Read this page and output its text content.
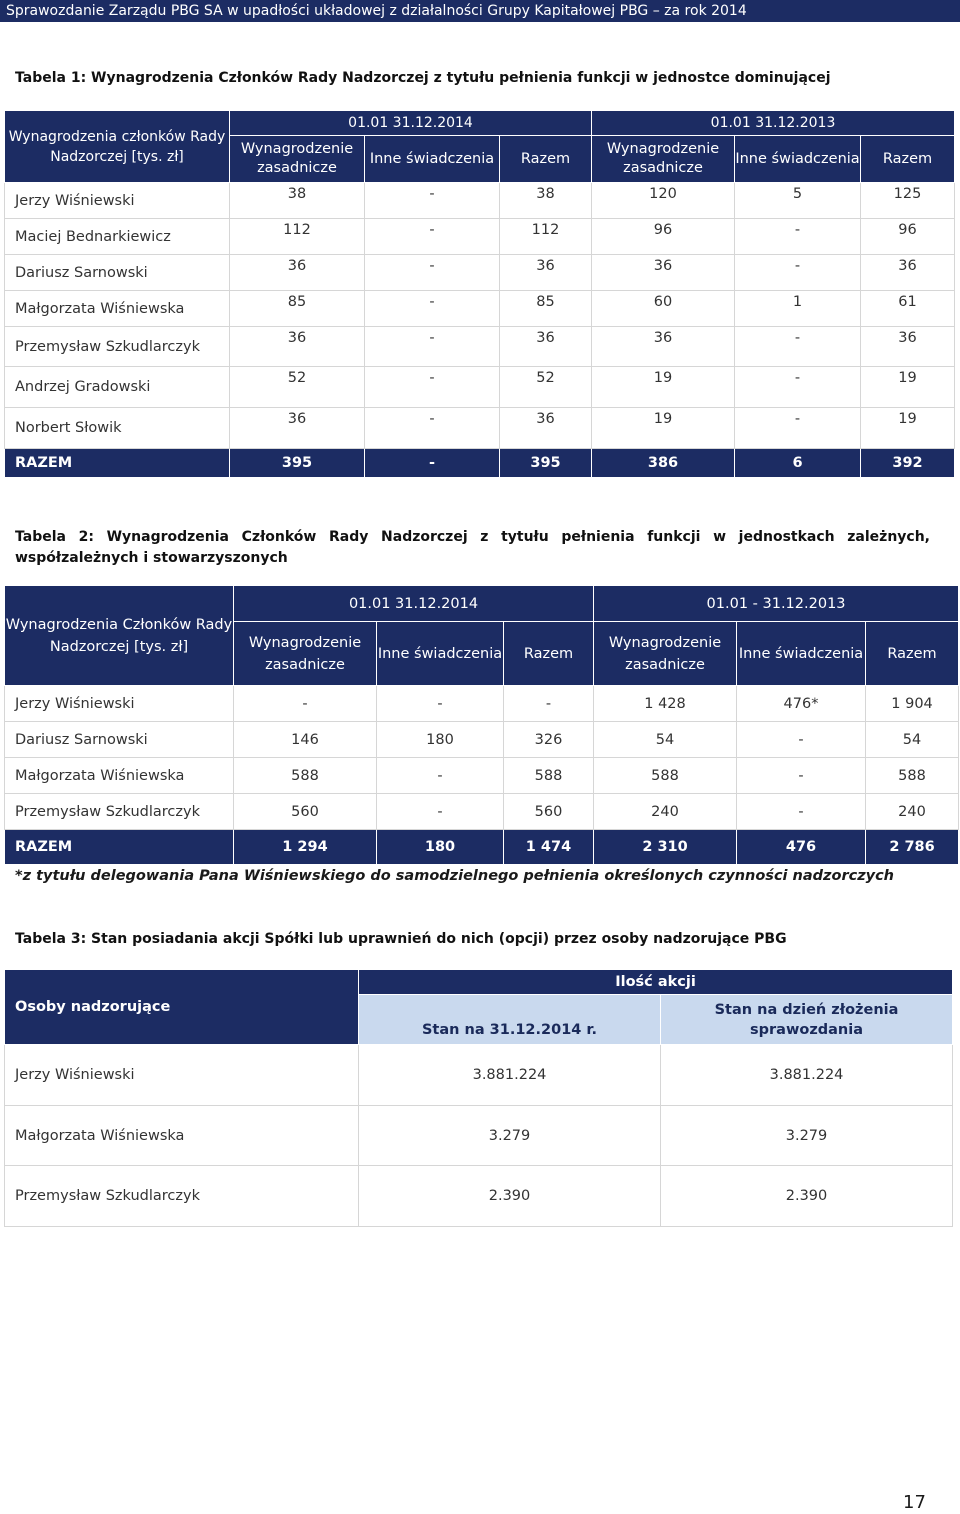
Sprawozdanie Zarządu PBG SA w upadłości układowej z działalności Grupy Kapitałowej PBG – za rok 2014
Tabela 1: Wynagrodzenia Członków Rady Nadzorczej z tytułu pełnienia funkcji w jednostce dominującej
Wynagrodzenia członków Rady Nadzorczej [tys. zł]	01.01 31.12.2014			01.01 31.12.2013		
	Wynagrodzenie zasadnicze	Inne świadczenia	Razem	Wynagrodzenie zasadnicze	Inne świadczenia	Razem
Jerzy Wiśniewski	38	-	38	120	5	125
Maciej Bednarkiewicz	112	-	112	96	-	96
Dariusz Sarnowski	36	-	36	36	-	36
Małgorzata Wiśniewska	85	-	85	60	1	61
Przemysław Szkudlarczyk	36	-	36	36	-	36
Andrzej Gradowski	52	-	52	19	-	19
Norbert Słowik	36	-	36	19	-	19
RAZEM	395	-	395	386	6	392
Tabela 2: Wynagrodzenia Członków Rady Nadzorczej z tytułu pełnienia funkcji w jednostkach zależnych, współzależnych i stowarzyszonych
Wynagrodzenia Członków Rady Nadzorczej [tys. zł]	01.01 31.12.2014			01.01 - 31.12.2013		
	Wynagrodzenie zasadnicze	Inne świadczenia	Razem	Wynagrodzenie zasadnicze	Inne świadczenia	Razem
Jerzy Wiśniewski	-	-	-	1 428	476*	1 904
Dariusz Sarnowski	146	180	326	54	-	54
Małgorzata Wiśniewska	588	-	588	588	-	588
Przemysław Szkudlarczyk	560	-	560	240	-	240
RAZEM	1 294	180	1 474	2 310	476	2 786
*z tytułu delegowania Pana Wiśniewskiego do samodzielnego pełnienia określonych czynności nadzorczych
Tabela 3: Stan posiadania akcji Spółki lub uprawnień do nich (opcji) przez osoby nadzorujące PBG
Osoby nadzorujące	Ilość akcji	
	Stan na 31.12.2014 r.	Stan na dzień złożenia sprawozdania
Jerzy Wiśniewski	3.881.224	3.881.224
Małgorzata Wiśniewska	3.279	3.279
Przemysław Szkudlarczyk	2.390	2.390
17
